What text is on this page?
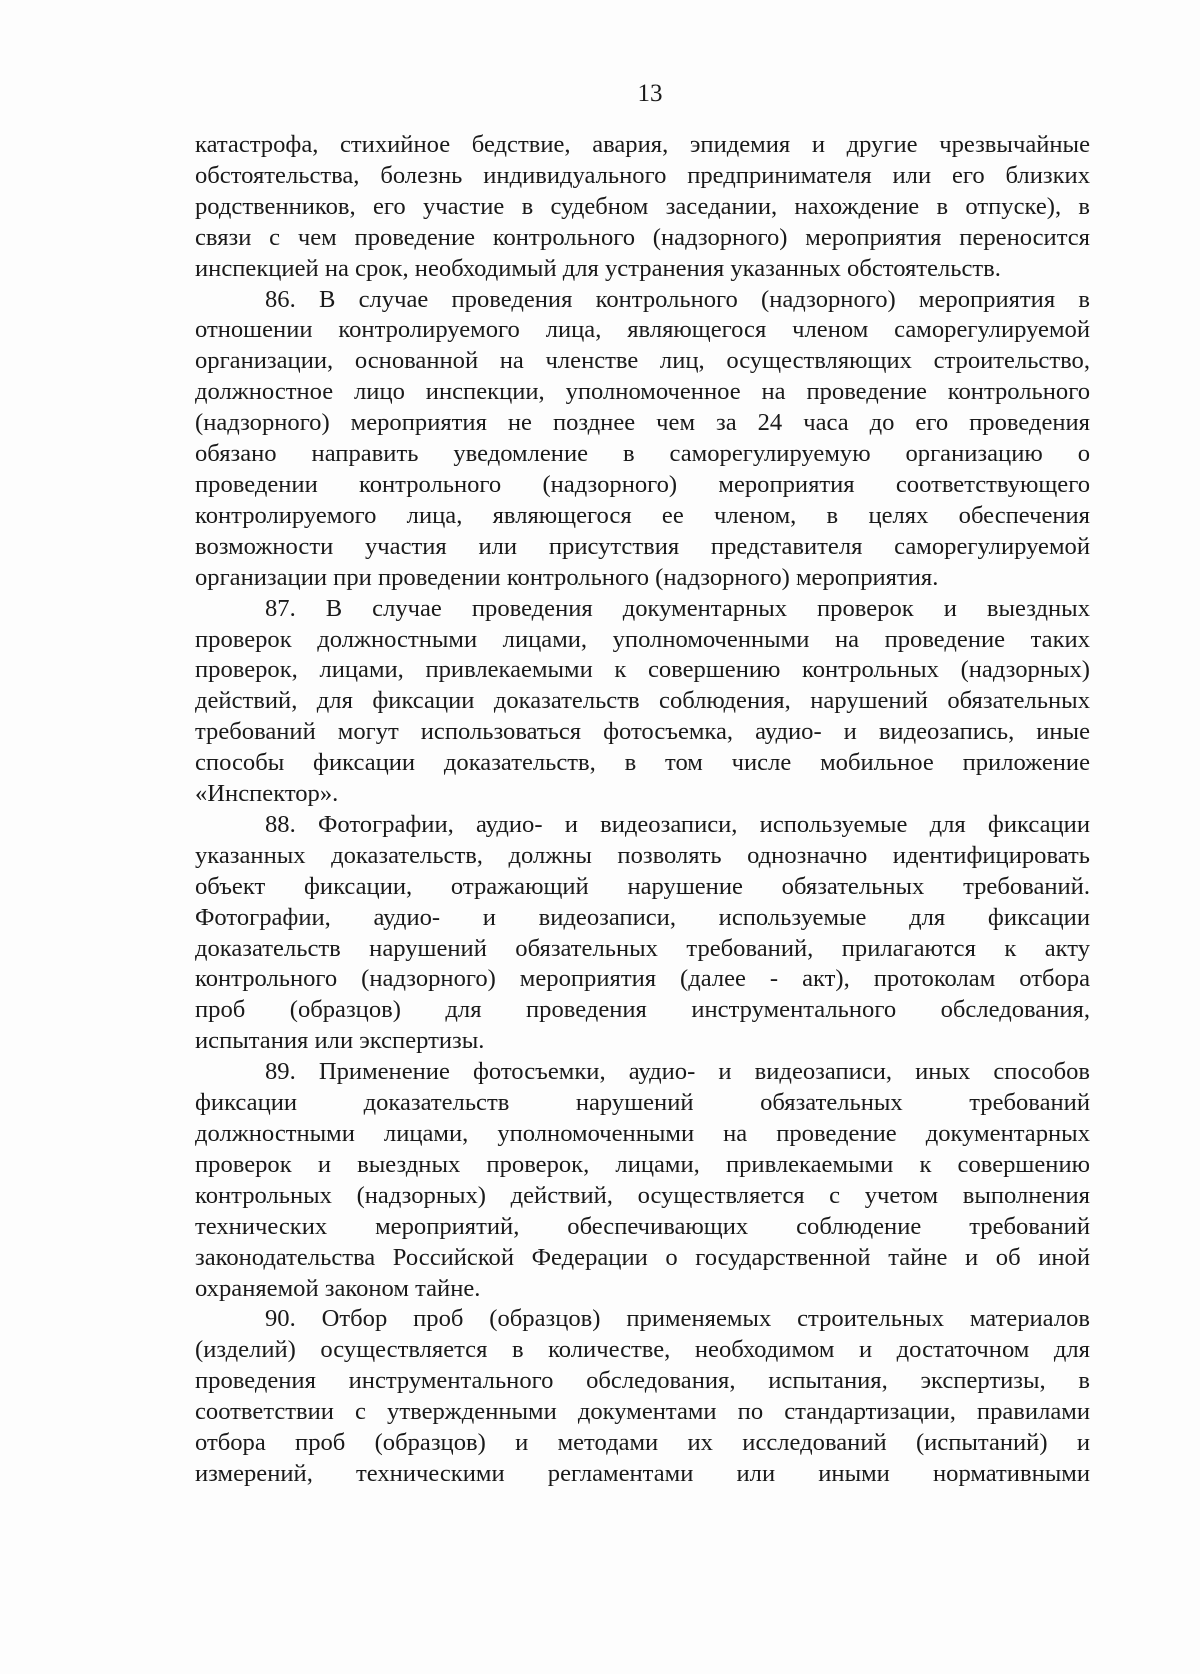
13
катастрофа, стихийное бедствие, авария, эпидемия и другие чрезвычайные
обстоятельства, болезнь индивидуального предпринимателя или его близких
родственников, его участие в судебном заседании, нахождение в отпуске), в
связи с чем проведение контрольного (надзорного) мероприятия переносится
инспекцией на срок, необходимый для устранения указанных обстоятельств.
86. В случае проведения контрольного (надзорного) мероприятия в
отношении контролируемого лица, являющегося членом саморегулируемой
организации, основанной на членстве лиц, осуществляющих строительство,
должностное лицо инспекции, уполномоченное на проведение контрольного
(надзорного) мероприятия не позднее чем за 24 часа до его проведения
обязано направить уведомление в саморегулируемую организацию о
проведении контрольного (надзорного) мероприятия соответствующего
контролируемого лица, являющегося ее членом, в целях обеспечения
возможности участия или присутствия представителя саморегулируемой
организации при проведении контрольного (надзорного) мероприятия.
87. В случае проведения документарных проверок и выездных
проверок должностными лицами, уполномоченными на проведение таких
проверок, лицами, привлекаемыми к совершению контрольных (надзорных)
действий, для фиксации доказательств соблюдения, нарушений обязательных
требований могут использоваться фотосъемка, аудио- и видеозапись, иные
способы фиксации доказательств, в том числе мобильное приложение
«Инспектор».
88. Фотографии, аудио- и видеозаписи, используемые для фиксации
указанных доказательств, должны позволять однозначно идентифицировать
объект фиксации, отражающий нарушение обязательных требований.
Фотографии, аудио- и видеозаписи, используемые для фиксации
доказательств нарушений обязательных требований, прилагаются к акту
контрольного (надзорного) мероприятия (далее - акт), протоколам отбора
проб (образцов) для проведения инструментального обследования,
испытания или экспертизы.
89. Применение фотосъемки, аудио- и видеозаписи, иных способов
фиксации доказательств нарушений обязательных требований
должностными лицами, уполномоченными на проведение документарных
проверок и выездных проверок, лицами, привлекаемыми к совершению
контрольных (надзорных) действий, осуществляется с учетом выполнения
технических мероприятий, обеспечивающих соблюдение требований
законодательства Российской Федерации о государственной тайне и об иной
охраняемой законом тайне.
90. Отбор проб (образцов) применяемых строительных материалов
(изделий) осуществляется в количестве, необходимом и достаточном для
проведения инструментального обследования, испытания, экспертизы, в
соответствии с утвержденными документами по стандартизации, правилами
отбора проб (образцов) и методами их исследований (испытаний) и
измерений, техническими регламентами или иными нормативными
